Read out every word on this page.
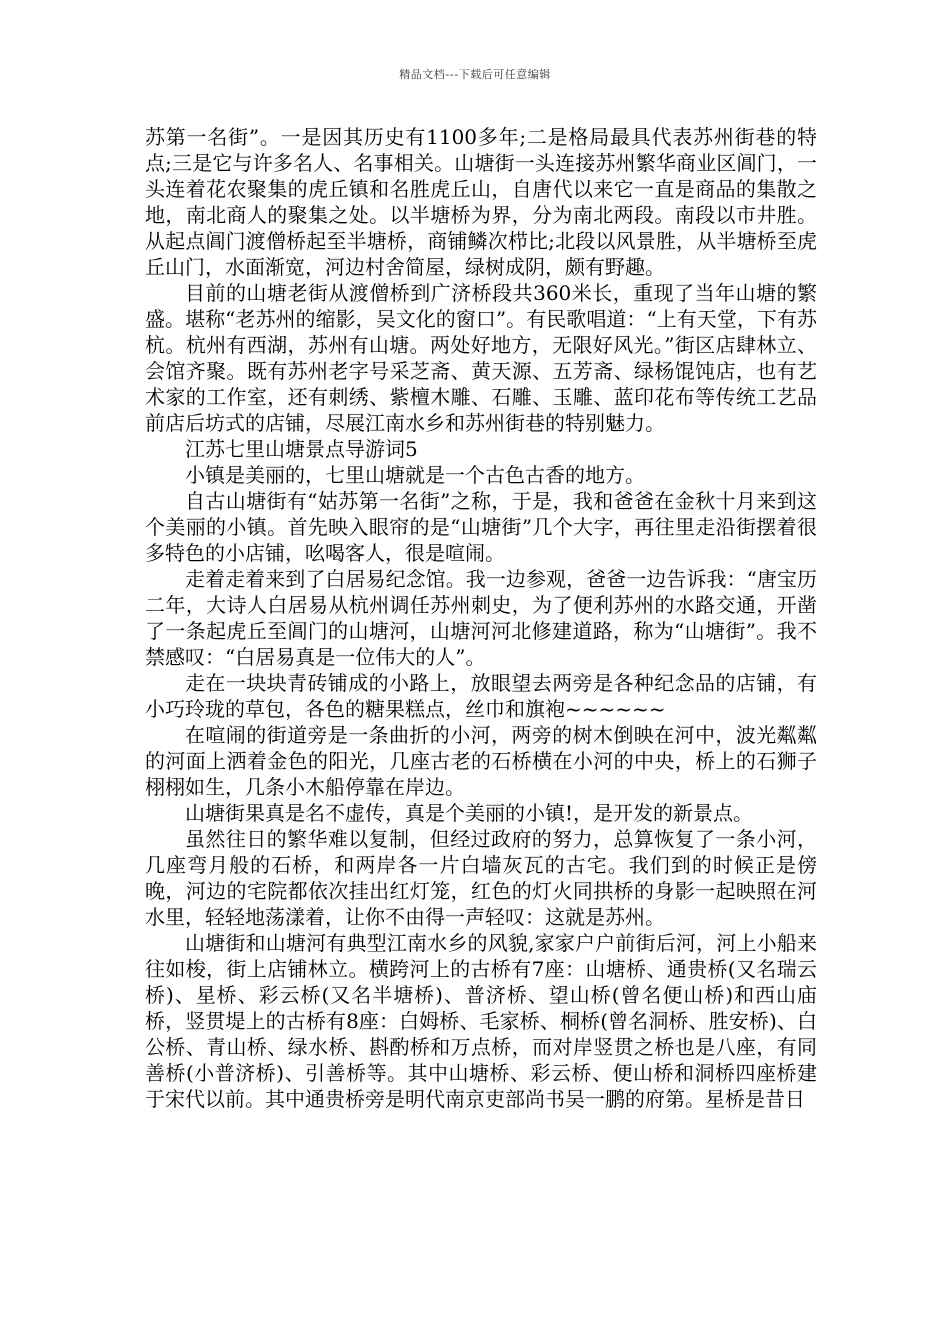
精品文档---下载后可任意编辑

苏第一名街”。一是因其历史有1100多年;二是格局最具代表苏州街巷的特点;三是它与许多名人、名事相关。山塘街一头连接苏州繁华商业区阊门，一头连着花农聚集的虎丘镇和名胜虎丘山，自唐代以来它一直是商品的集散之地，南北商人的聚集之处。以半塘桥为界，分为南北两段。南段以市井胜。从起点阊门渡僧桥起至半塘桥，商铺鳞次栉比;北段以风景胜，从半塘桥至虎丘山门，水面渐宽，河边村舍简屋，绿树成阴，颇有野趣。

目前的山塘老街从渡僧桥到广济桥段共360米长，重现了当年山塘的繁盛。堪称“老苏州的缩影，吴文化的窗口”。有民歌唱道：“上有天堂，下有苏杭。杭州有西湖，苏州有山塘。两处好地方，无限好风光。”街区店肆林立、会馆齐聚。既有苏州老字号采芝斋、黄天源、五芳斋、绿杨馄饨店，也有艺术家的工作室，还有刺绣、紫檀木雕、石雕、玉雕、蓝印花布等传统工艺品前店后坊式的店铺，尽展江南水乡和苏州街巷的特别魅力。

江苏七里山塘景点导游词5

小镇是美丽的，七里山塘就是一个古色古香的地方。

自古山塘街有“姑苏第一名街”之称，于是，我和爸爸在金秋十月来到这个美丽的小镇。首先映入眼帘的是“山塘街”几个大字，再往里走沿街摆着很多特色的小店铺，吆喝客人，很是喧闹。

走着走着来到了白居易纪念馆。我一边参观，爸爸一边告诉我：“唐宝历二年，大诗人白居易从杭州调任苏州刺史，为了便利苏州的水路交通，开凿了一条起虎丘至阊门的山塘河，山塘河河北修建道路，称为“山塘街”。我不禁感叹：“白居易真是一位伟大的人”。

走在一块块青砖铺成的小路上，放眼望去两旁是各种纪念品的店铺，有小巧玲珑的草包，各色的糖果糕点，丝巾和旗袍~~~~~~

在喧闹的街道旁是一条曲折的小河，两旁的树木倒映在河中，波光粼粼的河面上洒着金色的阳光，几座古老的石桥横在小河的中央，桥上的石狮子栩栩如生，几条小木船停靠在岸边。

山塘街果真是名不虚传，真是个美丽的小镇!，是开发的新景点。

虽然往日的繁华难以复制，但经过政府的努力，总算恢复了一条小河，几座弯月般的石桥，和两岸各一片白墙灰瓦的古宅。我们到的时候正是傍晚，河边的宅院都依次挂出红灯笼，红色的灯火同拱桥的身影一起映照在河水里，轻轻地荡漾着，让你不由得一声轻叹：这就是苏州。

山塘街和山塘河有典型江南水乡的风貌,家家户户前街后河，河上小船来往如梭，街上店铺林立。横跨河上的古桥有7座：山塘桥、通贵桥(又名瑞云桥)、星桥、彩云桥(又名半塘桥)、普济桥、望山桥(曾名便山桥)和西山庙桥，竖贯堤上的古桥有8座：白姆桥、毛家桥、桐桥(曾名洞桥、胜安桥)、白公桥、青山桥、绿水桥、斟酌桥和万点桥，而对岸竖贯之桥也是八座，有同善桥(小普济桥)、引善桥等。其中山塘桥、彩云桥、便山桥和洞桥四座桥建于宋代以前。其中通贵桥旁是明代南京吏部尚书吴一鹏的府第。星桥是昔日
